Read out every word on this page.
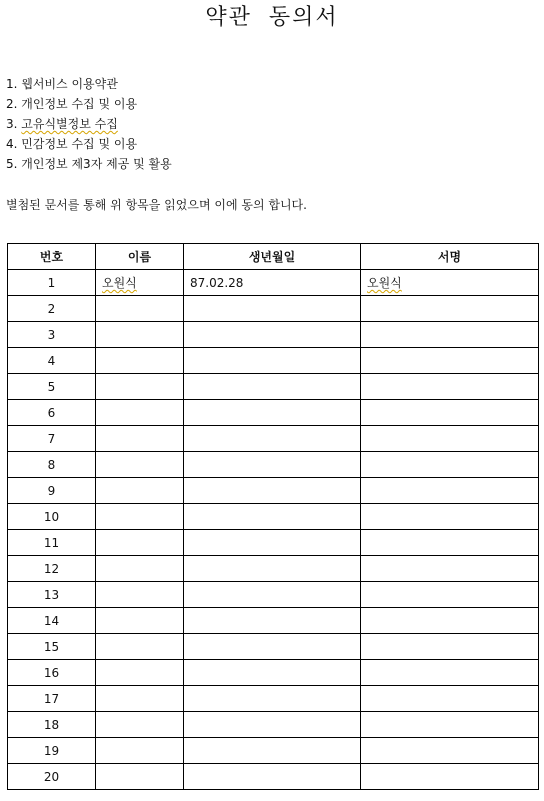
약관 동의서
1. 웹서비스 이용약관
2. 개인정보 수집 및 이용
3. 고유식별정보 수집
4. 민감정보 수집 및 이용
5. 개인정보 제3자 제공 및 활용
별첨된 문서를 통해 위 항목을 읽었으며 이에 동의 합니다.
번호	이름	생년월일	서명
1	오원식	87.02.28	오원식
2			
3			
4			
5			
6			
7			
8			
9			
10			
11			
12			
13			
14			
15			
16			
17			
18			
19			
20			
